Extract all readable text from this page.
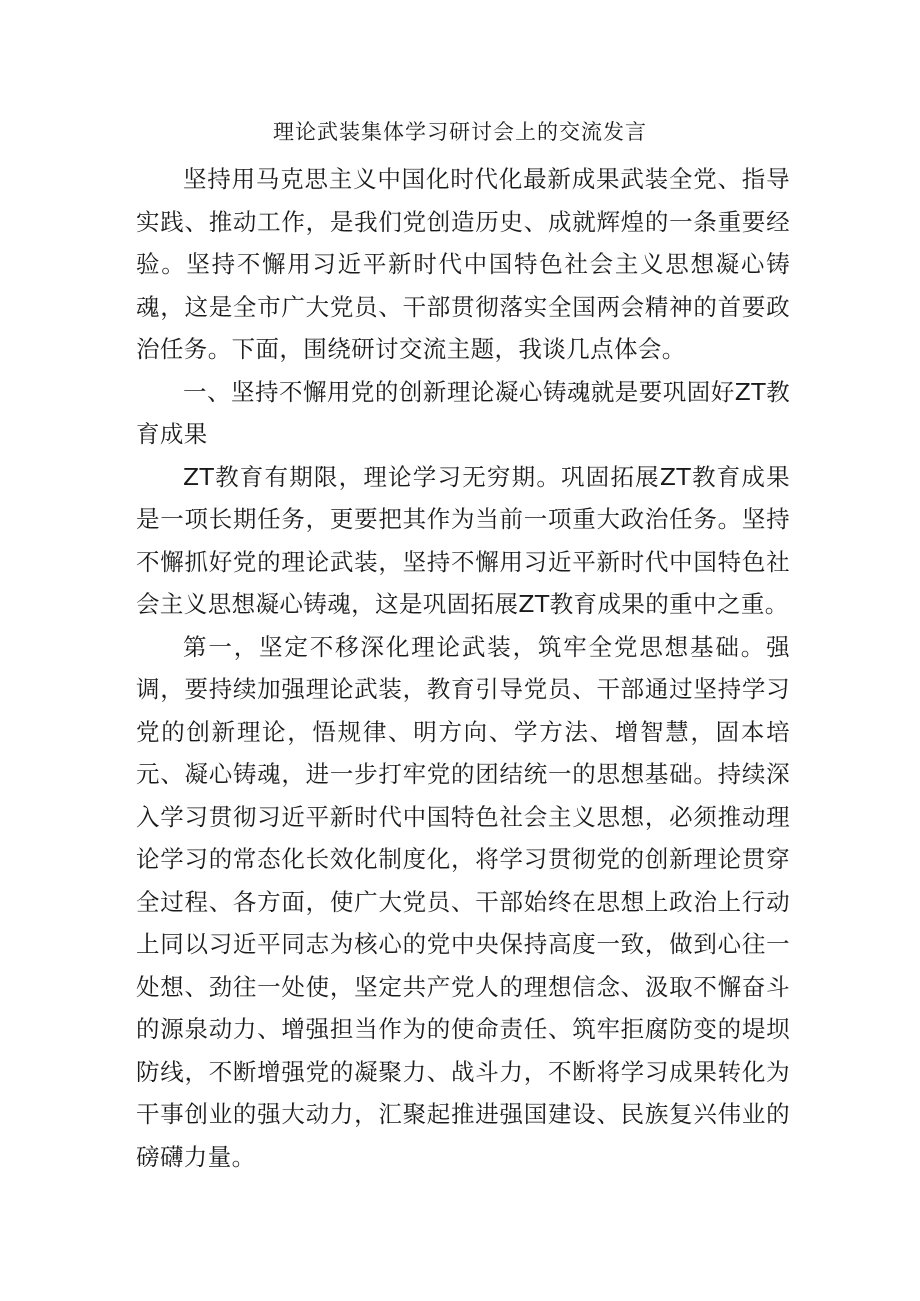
理论武装集体学习研讨会上的交流发言

坚持用马克思主义中国化时代化最新成果武装全党、指导实践、推动工作，是我们党创造历史、成就辉煌的一条重要经验。坚持不懈用习近平新时代中国特色社会主义思想凝心铸魂，这是全市广大党员、干部贯彻落实全国两会精神的首要政治任务。下面，围绕研讨交流主题，我谈几点体会。

一、坚持不懈用党的创新理论凝心铸魂就是要巩固好ZT教育成果

ZT教育有期限，理论学习无穷期。巩固拓展ZT教育成果是一项长期任务，更要把其作为当前一项重大政治任务。坚持不懈抓好党的理论武装，坚持不懈用习近平新时代中国特色社会主义思想凝心铸魂，这是巩固拓展ZT教育成果的重中之重。

第一，坚定不移深化理论武装，筑牢全党思想基础。强调，要持续加强理论武装，教育引导党员、干部通过坚持学习党的创新理论，悟规律、明方向、学方法、增智慧，固本培元、凝心铸魂，进一步打牢党的团结统一的思想基础。持续深入学习贯彻习近平新时代中国特色社会主义思想，必须推动理论学习的常态化长效化制度化，将学习贯彻党的创新理论贯穿全过程、各方面，使广大党员、干部始终在思想上政治上行动上同以习近平同志为核心的党中央保持高度一致，做到心往一处想、劲往一处使，坚定共产党人的理想信念、汲取不懈奋斗的源泉动力、增强担当作为的使命责任、筑牢拒腐防变的堤坝防线，不断增强党的凝聚力、战斗力，不断将学习成果转化为干事创业的强大动力，汇聚起推进强国建设、民族复兴伟业的磅礴力量。
